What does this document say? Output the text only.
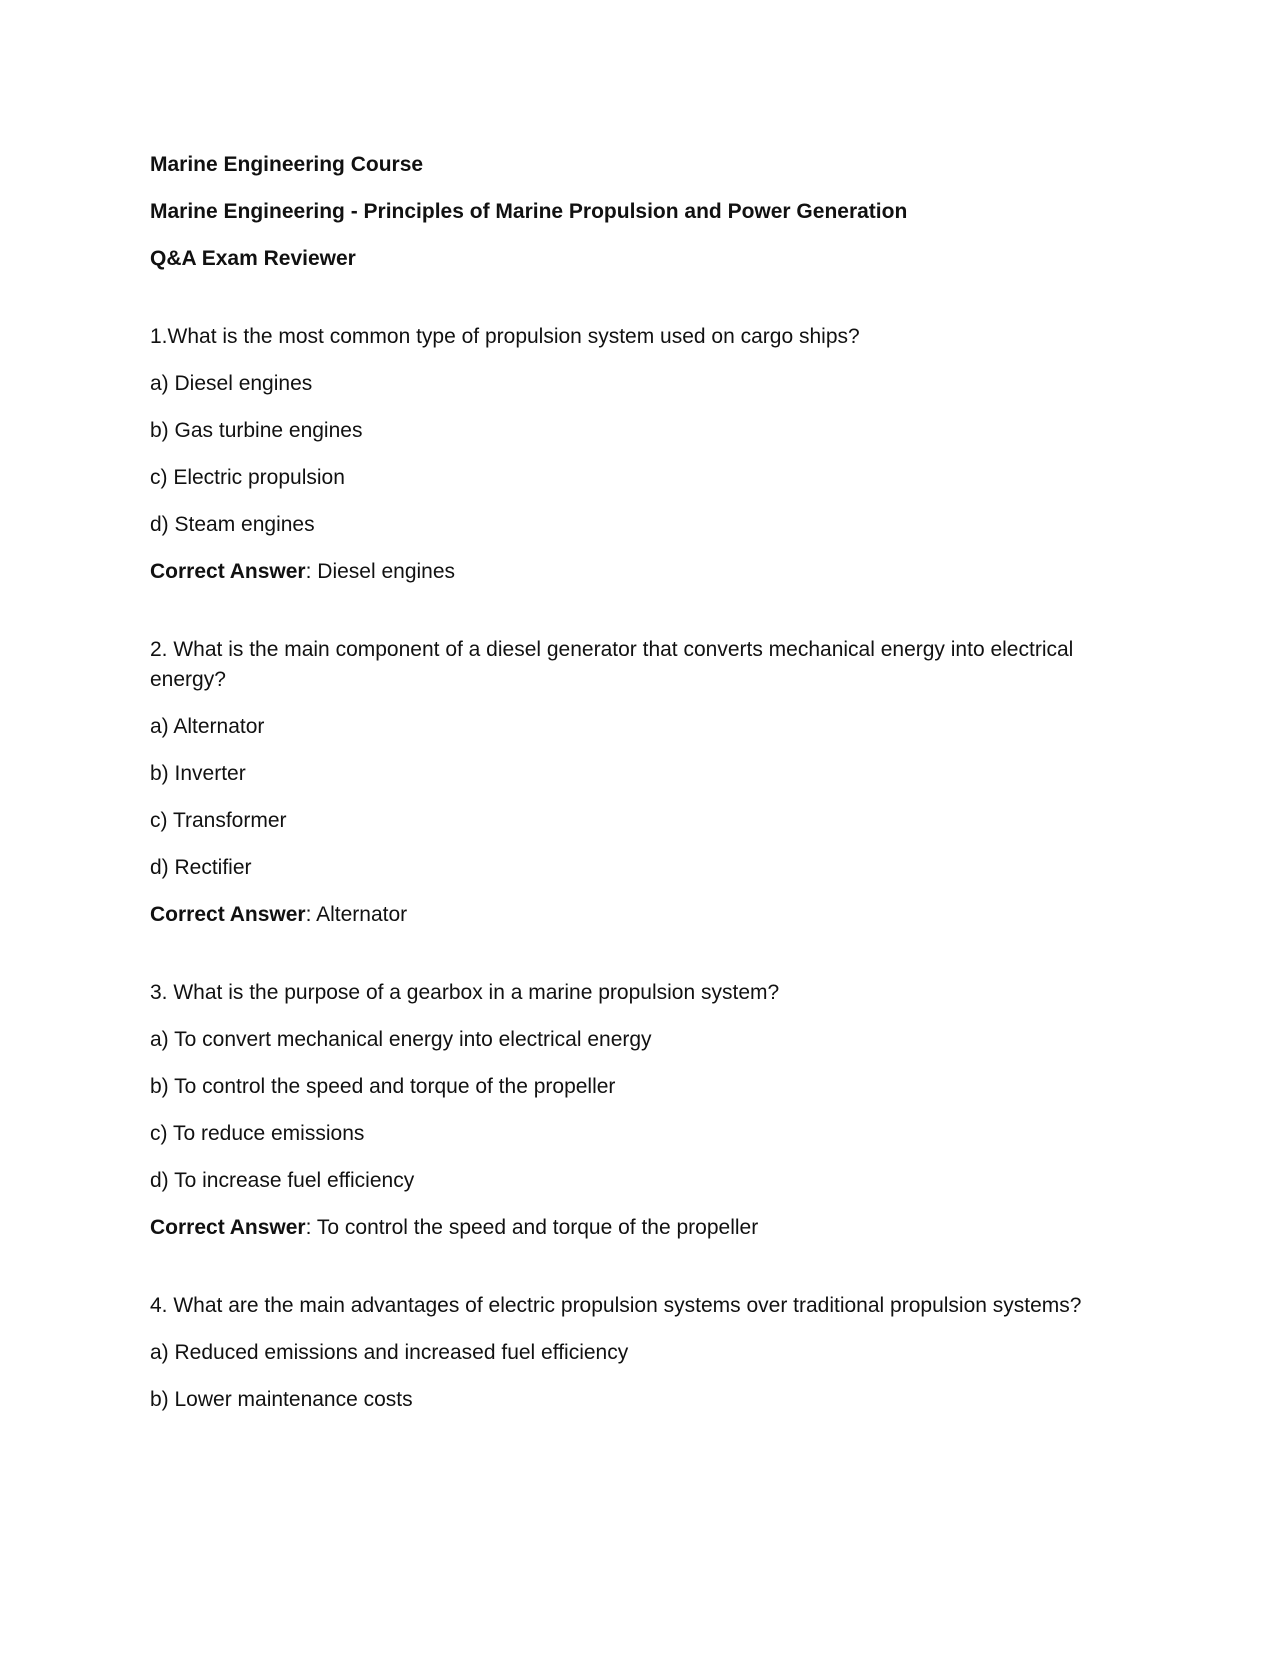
Marine Engineering Course

Marine Engineering - Principles of Marine Propulsion and Power Generation

Q&A Exam Reviewer

1.What is the most common type of propulsion system used on cargo ships?

a) Diesel engines

b) Gas turbine engines

c) Electric propulsion

d) Steam engines

Correct Answer: Diesel engines

2. What is the main component of a diesel generator that converts mechanical energy into electrical energy?

a) Alternator

b) Inverter

c) Transformer

d) Rectifier

Correct Answer: Alternator

3. What is the purpose of a gearbox in a marine propulsion system?

a) To convert mechanical energy into electrical energy

b) To control the speed and torque of the propeller

c) To reduce emissions

d) To increase fuel efficiency

Correct Answer: To control the speed and torque of the propeller

4. What are the main advantages of electric propulsion systems over traditional propulsion systems?

a) Reduced emissions and increased fuel efficiency

b) Lower maintenance costs
